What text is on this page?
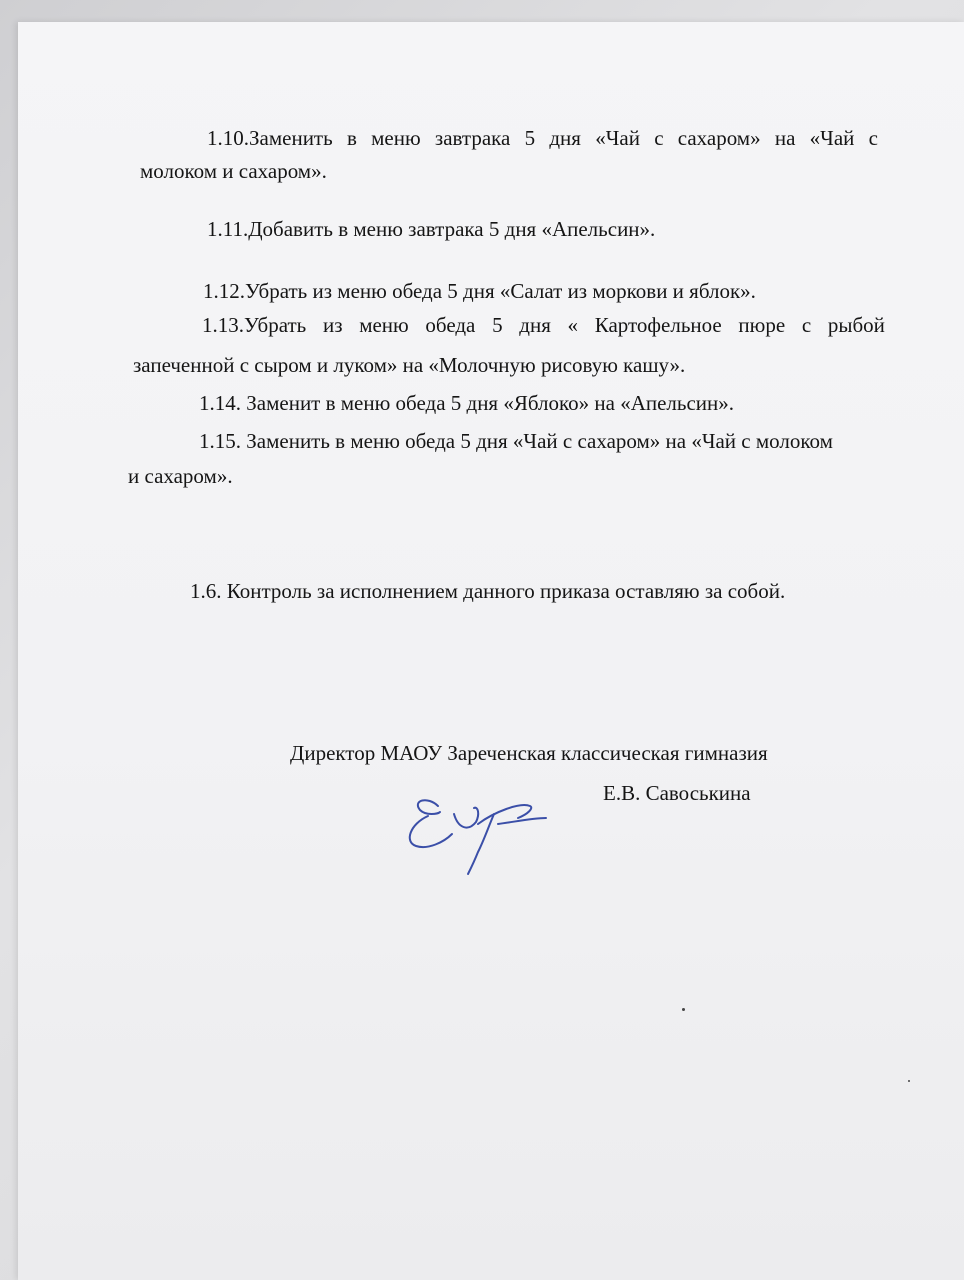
1.10.Заменить в меню завтрака 5 дня «Чай с сахаром» на «Чай с
молоком и сахаром».
1.11.Добавить в меню завтрака 5 дня «Апельсин».
1.12.Убрать из меню обеда 5 дня «Салат из моркови и яблок».
1.13.Убрать из меню обеда 5 дня « Картофельное пюре с рыбой
запеченной с сыром и луком» на «Молочную рисовую кашу».
1.14. Заменит в меню обеда 5 дня «Яблоко» на «Апельсин».
1.15. Заменить в меню обеда 5 дня «Чай с сахаром» на «Чай с молоком
и сахаром».
1.6. Контроль за исполнением данного приказа оставляю за собой.
Директор МАОУ Зареченская классическая гимназия
Е.В. Савоськина
